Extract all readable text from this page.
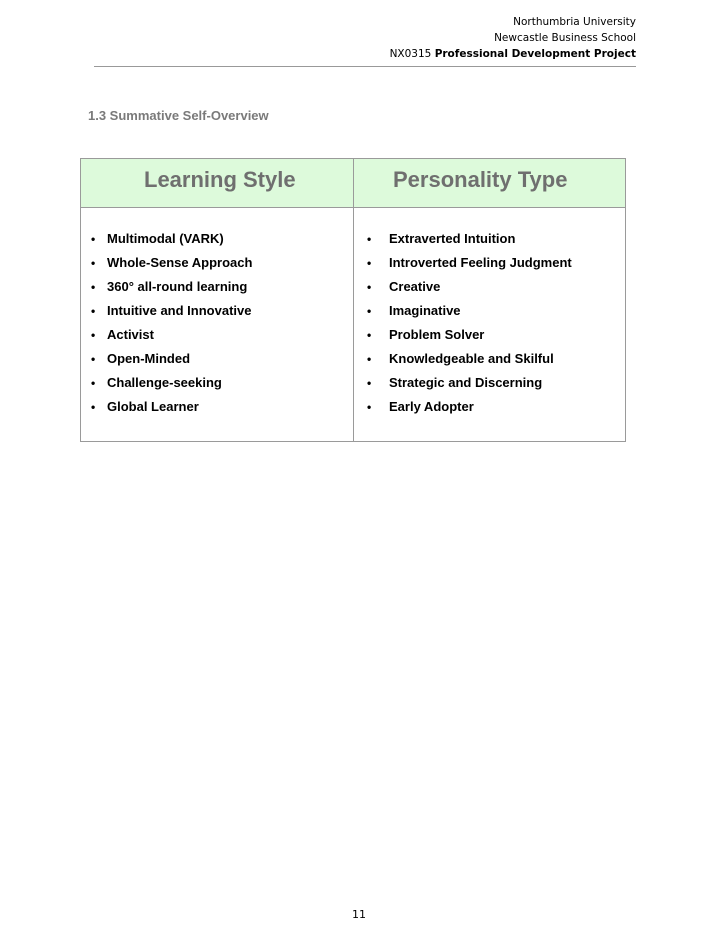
Northumbria University
Newcastle Business School
NX0315 Professional Development Project
1.3 Summative Self-Overview
Learning Style	Personality Type
• Multimodal (VARK)
• Whole-Sense Approach
• 360° all-round learning
• Intuitive and Innovative
• Activist
• Open-Minded
• Challenge-seeking
• Global Learner
• Extraverted Intuition
• Introverted Feeling Judgment
• Creative
• Imaginative
• Problem Solver
• Knowledgeable and Skilful
• Strategic and Discerning
• Early Adopter
11
